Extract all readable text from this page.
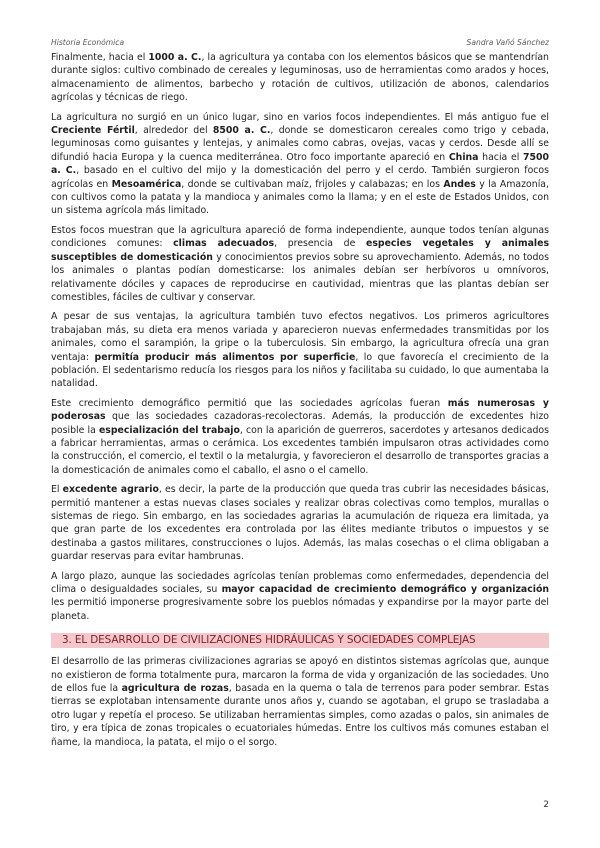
Historia Económica	Sandra Vañó Sánchez

Finalmente, hacia el 1000 a. C., la agricultura ya contaba con los elementos básicos que se mantendrían durante siglos: cultivo combinado de cereales y leguminosas, uso de herramientas como arados y hoces, almacenamiento de alimentos, barbecho y rotación de cultivos, utilización de abonos, calendarios agrícolas y técnicas de riego.

La agricultura no surgió en un único lugar, sino en varios focos independientes. El más antiguo fue el Creciente Fértil, alrededor del 8500 a. C., donde se domesticaron cereales como trigo y cebada, leguminosas como guisantes y lentejas, y animales como cabras, ovejas, vacas y cerdos. Desde allí se difundió hacia Europa y la cuenca mediterránea. Otro foco importante apareció en China hacia el 7500 a. C., basado en el cultivo del mijo y la domesticación del perro y el cerdo. También surgieron focos agrícolas en Mesoamérica, donde se cultivaban maíz, frijoles y calabazas; en los Andes y la Amazonía, con cultivos como la patata y la mandioca y animales como la llama; y en el este de Estados Unidos, con un sistema agrícola más limitado.

Estos focos muestran que la agricultura apareció de forma independiente, aunque todos tenían algunas condiciones comunes: climas adecuados, presencia de especies vegetales y animales susceptibles de domesticación y conocimientos previos sobre su aprovechamiento. Además, no todos los animales o plantas podían domesticarse: los animales debían ser herbívoros u omnívoros, relativamente dóciles y capaces de reproducirse en cautividad, mientras que las plantas debían ser comestibles, fáciles de cultivar y conservar.

A pesar de sus ventajas, la agricultura también tuvo efectos negativos. Los primeros agricultores trabajaban más, su dieta era menos variada y aparecieron nuevas enfermedades transmitidas por los animales, como el sarampión, la gripe o la tuberculosis. Sin embargo, la agricultura ofrecía una gran ventaja: permitía producir más alimentos por superficie, lo que favorecía el crecimiento de la población. El sedentarismo reducía los riesgos para los niños y facilitaba su cuidado, lo que aumentaba la natalidad.

Este crecimiento demográfico permitió que las sociedades agrícolas fueran más numerosas y poderosas que las sociedades cazadoras-recolectoras. Además, la producción de excedentes hizo posible la especialización del trabajo, con la aparición de guerreros, sacerdotes y artesanos dedicados a fabricar herramientas, armas o cerámica. Los excedentes también impulsaron otras actividades como la construcción, el comercio, el textil o la metalurgia, y favorecieron el desarrollo de transportes gracias a la domesticación de animales como el caballo, el asno o el camello.

El excedente agrario, es decir, la parte de la producción que queda tras cubrir las necesidades básicas, permitió mantener a estas nuevas clases sociales y realizar obras colectivas como templos, murallas o sistemas de riego. Sin embargo, en las sociedades agrarias la acumulación de riqueza era limitada, ya que gran parte de los excedentes era controlada por las élites mediante tributos o impuestos y se destinaba a gastos militares, construcciones o lujos. Además, las malas cosechas o el clima obligaban a guardar reservas para evitar hambrunas.

A largo plazo, aunque las sociedades agrícolas tenían problemas como enfermedades, dependencia del clima o desigualdades sociales, su mayor capacidad de crecimiento demográfico y organización les permitió imponerse progresivamente sobre los pueblos nómadas y expandirse por la mayor parte del planeta.

3. EL DESARROLLO DE CIVILIZACIONES HIDRÁULICAS Y SOCIEDADES COMPLEJAS

El desarrollo de las primeras civilizaciones agrarias se apoyó en distintos sistemas agrícolas que, aunque no existieron de forma totalmente pura, marcaron la forma de vida y organización de las sociedades. Uno de ellos fue la agricultura de rozas, basada en la quema o tala de terrenos para poder sembrar. Estas tierras se explotaban intensamente durante unos años y, cuando se agotaban, el grupo se trasladaba a otro lugar y repetía el proceso. Se utilizaban herramientas simples, como azadas o palos, sin animales de tiro, y era típica de zonas tropicales o ecuatoriales húmedas. Entre los cultivos más comunes estaban el ñame, la mandioca, la patata, el mijo o el sorgo.

2
